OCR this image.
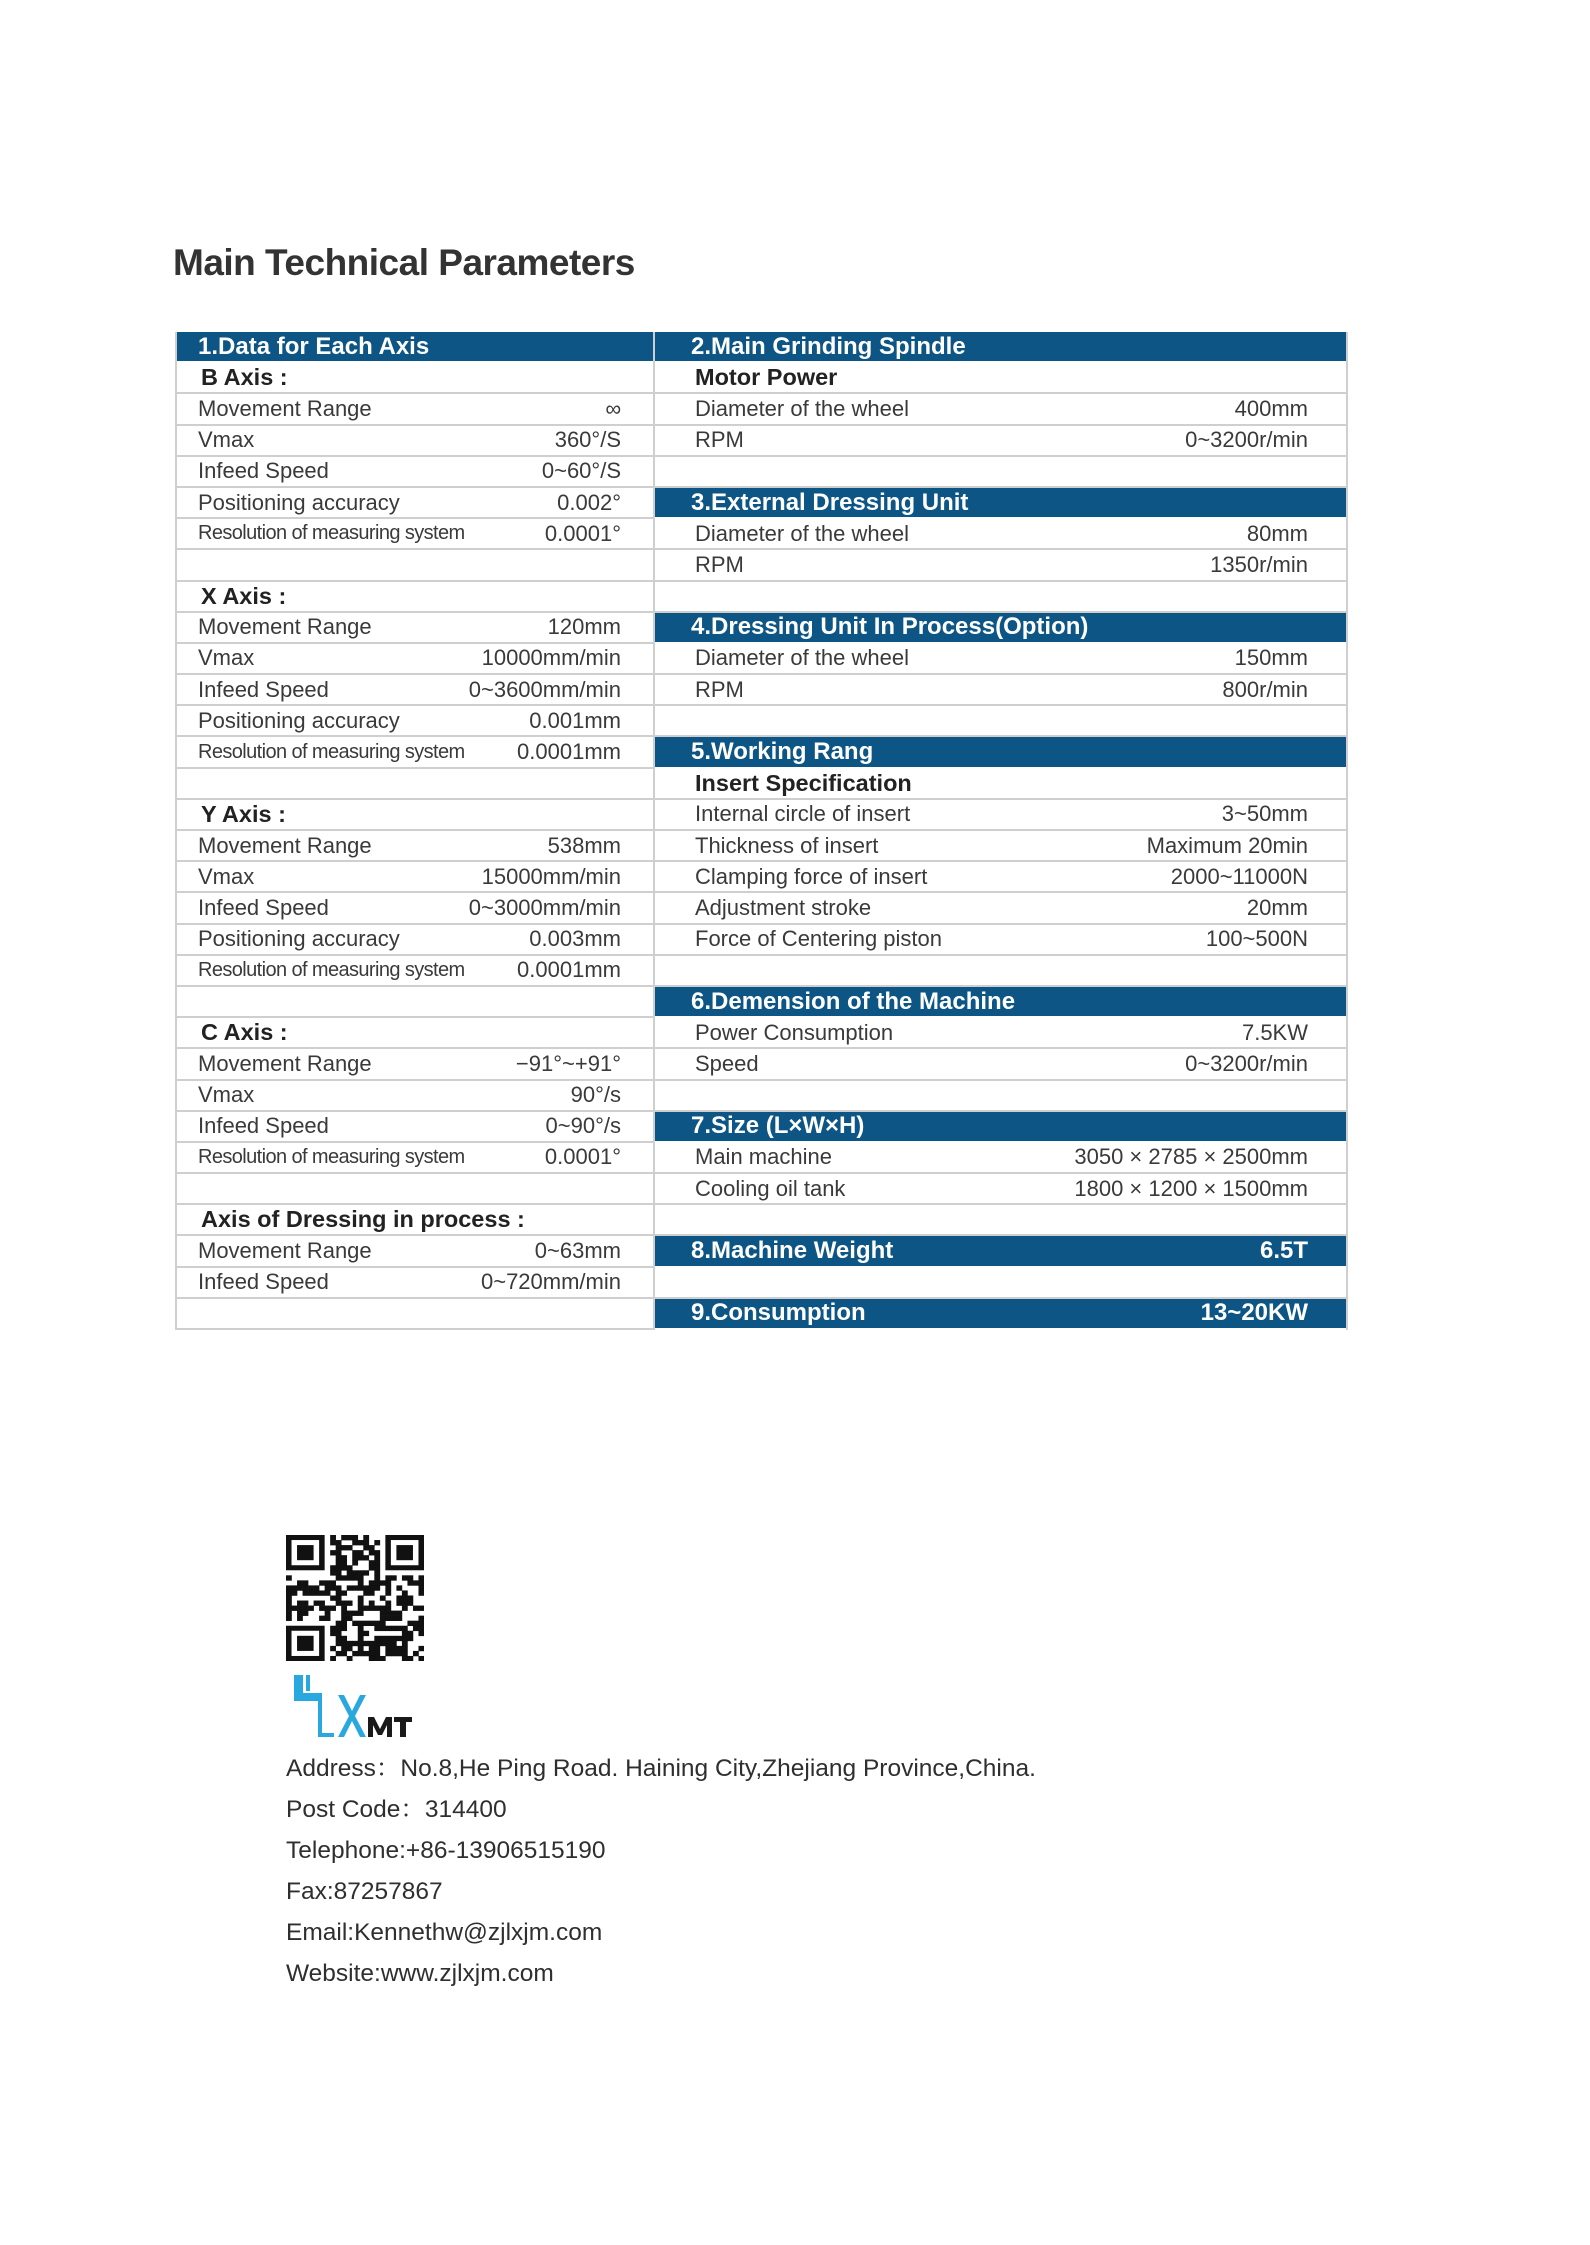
Main Technical Parameters
1.Data for Each Axis
B Axis :
Movement Range	∞
Vmax	360°/S
Infeed Speed	0~60°/S
Positioning accuracy	0.002°
Resolution of measuring system	0.0001°
X Axis :
Movement Range	120mm
Vmax	10000mm/min
Infeed Speed	0~3600mm/min
Positioning accuracy	0.001mm
Resolution of measuring system 0.0001mm
Y Axis :
Movement Range	538mm
Vmax	15000mm/min
Infeed Speed	0~3000mm/min
Positioning accuracy	0.003mm
Resolution of measuring system 0.0001mm
C Axis :
Movement Range	−91°~+91°
Vmax	90°/s
Infeed Speed	0~90°/s
Resolution of measuring system	0.0001°
Axis of Dressing in process :
Movement Range	0~63mm
Infeed Speed	0~720mm/min
2.Main Grinding Spindle
Motor Power
Diameter of the wheel	400mm
RPM	0~3200r/min
3.External Dressing Unit
Diameter of the wheel	80mm
RPM	1350r/min
4.Dressing Unit In Process(Option)
Diameter of the wheel	150mm
RPM	800r/min
5.Working Rang
Insert Specification
Internal circle of insert	3~50mm
Thickness of insert	Maximum 20min
Clamping force of insert	2000~11000N
Adjustment stroke	20mm
Force of Centering piston	100~500N
6.Demension of the Machine
Power Consumption	7.5KW
Speed	0~3200r/min
7.Size (L×W×H)
Main machine	3050 × 2785 × 2500mm
Cooling oil tank	1800 × 1200 × 1500mm
8.Machine Weight	6.5T
9.Consumption	13~20KW
Address：No.8,He Ping Road. Haining City,Zhejiang Province,China.
Post Code：314400
Telephone:+86-13906515190
Fax:87257867
Email:Kennethw@zjlxjm.com
Website:www.zjlxjm.com
